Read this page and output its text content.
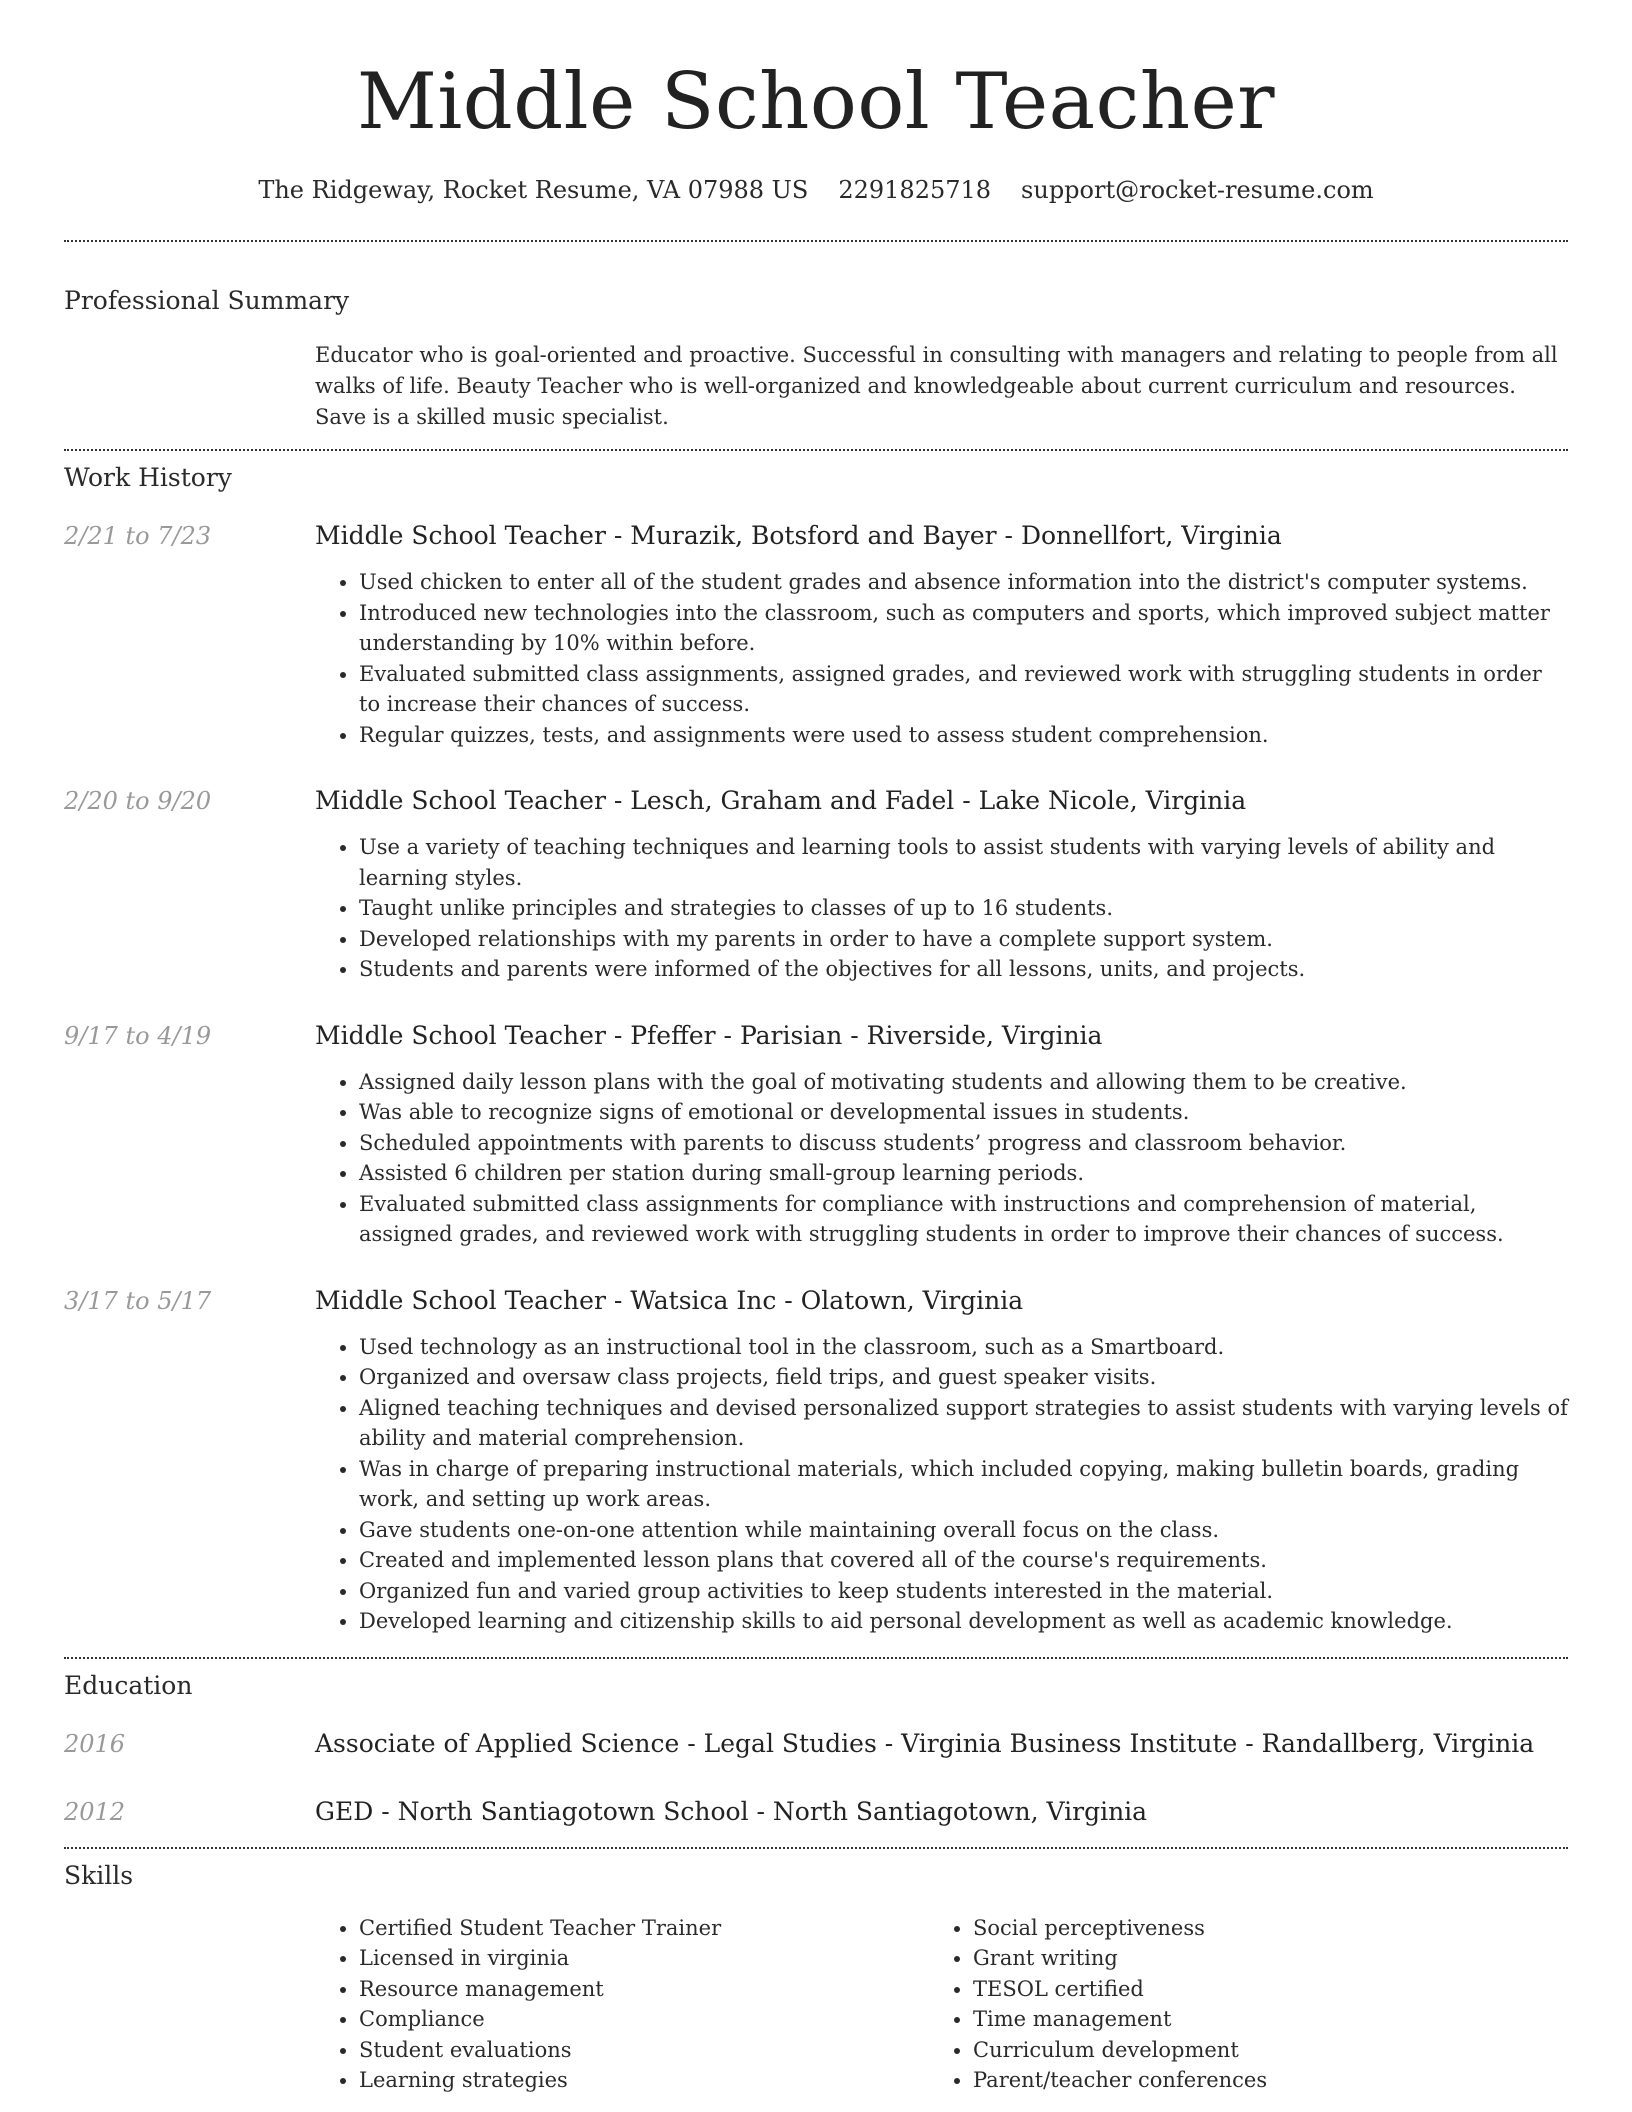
Middle School Teacher
The Ridgeway, Rocket Resume, VA 07988 US 2291825718 support@rocket-resume.com
Professional Summary
Educator who is goal-oriented and proactive. Successful in consulting with managers and relating to people from all walks of life. Beauty Teacher who is well-organized and knowledgeable about current curriculum and resources. Save is a skilled music specialist.
Work History
2/21 to 7/23	Middle School Teacher - Murazik, Botsford and Bayer - Donnellfort, Virginia
• Used chicken to enter all of the student grades and absence information into the district's computer systems.
• Introduced new technologies into the classroom, such as computers and sports, which improved subject matter understanding by 10% within before.
• Evaluated submitted class assignments, assigned grades, and reviewed work with struggling students in order to increase their chances of success.
• Regular quizzes, tests, and assignments were used to assess student comprehension.
2/20 to 9/20	Middle School Teacher - Lesch, Graham and Fadel - Lake Nicole, Virginia
• Use a variety of teaching techniques and learning tools to assist students with varying levels of ability and learning styles.
• Taught unlike principles and strategies to classes of up to 16 students.
• Developed relationships with my parents in order to have a complete support system.
• Students and parents were informed of the objectives for all lessons, units, and projects.
9/17 to 4/19	Middle School Teacher - Pfeffer - Parisian - Riverside, Virginia
• Assigned daily lesson plans with the goal of motivating students and allowing them to be creative.
• Was able to recognize signs of emotional or developmental issues in students.
• Scheduled appointments with parents to discuss students’ progress and classroom behavior.
• Assisted 6 children per station during small-group learning periods.
• Evaluated submitted class assignments for compliance with instructions and comprehension of material, assigned grades, and reviewed work with struggling students in order to improve their chances of success.
3/17 to 5/17	Middle School Teacher - Watsica Inc - Olatown, Virginia
• Used technology as an instructional tool in the classroom, such as a Smartboard.
• Organized and oversaw class projects, field trips, and guest speaker visits.
• Aligned teaching techniques and devised personalized support strategies to assist students with varying levels of ability and material comprehension.
• Was in charge of preparing instructional materials, which included copying, making bulletin boards, grading work, and setting up work areas.
• Gave students one-on-one attention while maintaining overall focus on the class.
• Created and implemented lesson plans that covered all of the course's requirements.
• Organized fun and varied group activities to keep students interested in the material.
• Developed learning and citizenship skills to aid personal development as well as academic knowledge.
Education
2016	Associate of Applied Science - Legal Studies - Virginia Business Institute - Randallberg, Virginia
2012	GED - North Santiagotown School - North Santiagotown, Virginia
Skills
• Certified Student Teacher Trainer
• Licensed in virginia
• Resource management
• Compliance
• Student evaluations
• Learning strategies
• Social perceptiveness
• Grant writing
• TESOL certified
• Time management
• Curriculum development
• Parent/teacher conferences
